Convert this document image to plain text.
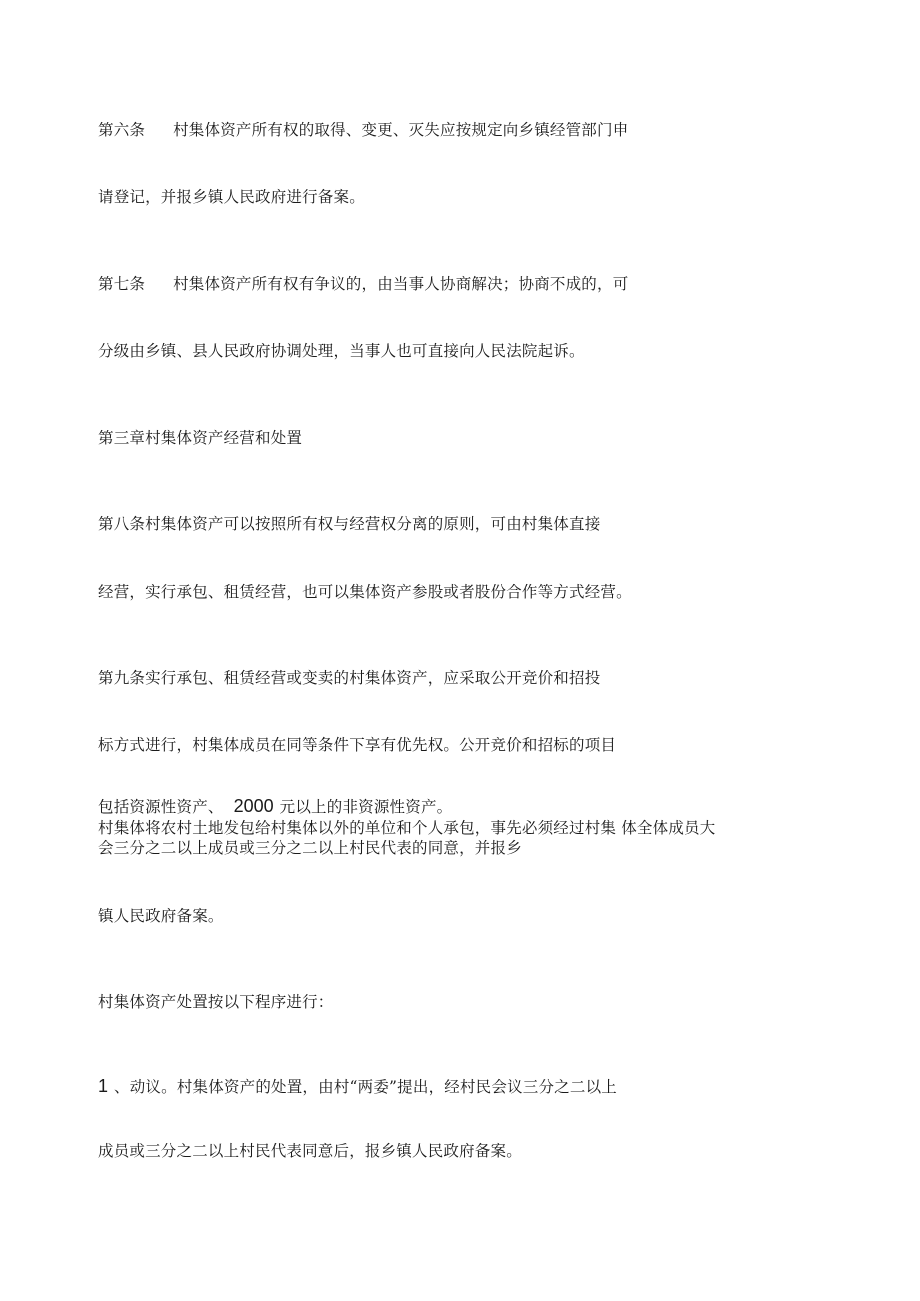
第六条 村集体资产所有权的取得、变更、灭失应按规定向乡镇经管部门申
请登记，并报乡镇人民政府进行备案。
第七条 村集体资产所有权有争议的，由当事人协商解决；协商不成的，可
分级由乡镇、县人民政府协调处理，当事人也可直接向人民法院起诉。
第三章村集体资产经营和处置
第八条村集体资产可以按照所有权与经营权分离的原则，可由村集体直接
经营，实行承包、租赁经营，也可以集体资产参股或者股份合作等方式经营。
第九条实行承包、租赁经营或变卖的村集体资产，应采取公开竞价和招投
标方式进行，村集体成员在同等条件下享有优先权。公开竞价和招标的项目
包括资源性资产、 2000 元以上的非资源性资产。
村集体将农村土地发包给村集体以外的单位和个人承包，事先必须经过村集 体全体成员大
会三分之二以上成员或三分之二以上村民代表的同意，并报乡
镇人民政府备案。
村集体资产处置按以下程序进行：
1 、动议。村集体资产的处置，由村“两委”提出，经村民会议三分之二以上
成员或三分之二以上村民代表同意后，报乡镇人民政府备案。
